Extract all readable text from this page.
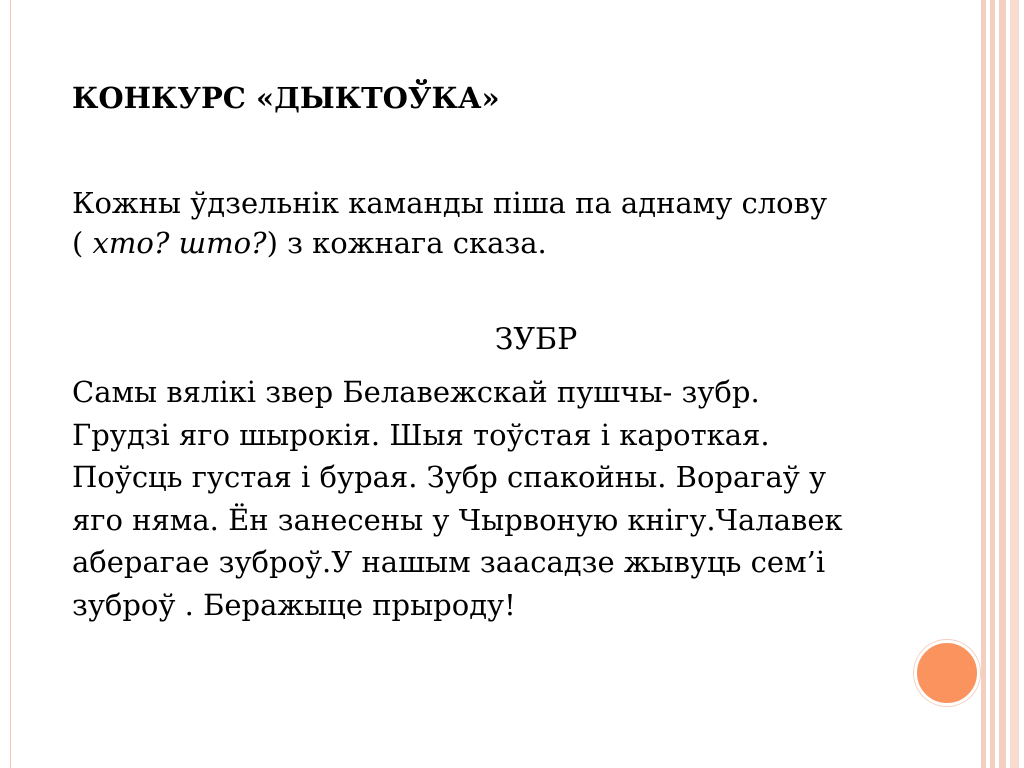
КОНКУРС «ДЫКТОЎКА»

Кожны ўдзельнік каманды піша па аднаму слову

( хто? што?) з кожнага сказа.

ЗУБР

Самы вялікі звер Белавежскай пушчы- зубр.

Грудзі яго шырокія. Шыя тоўстая і кароткая.

Поўсць густая і бурая. Зубр спакойны. Ворагаў у

яго няма. Ён занесены у Чырвоную кнігу.Чалавек

аберагае зуброў.У нашым заасадзе жывуць сем’і

зуброў . Беражыце прыроду!
